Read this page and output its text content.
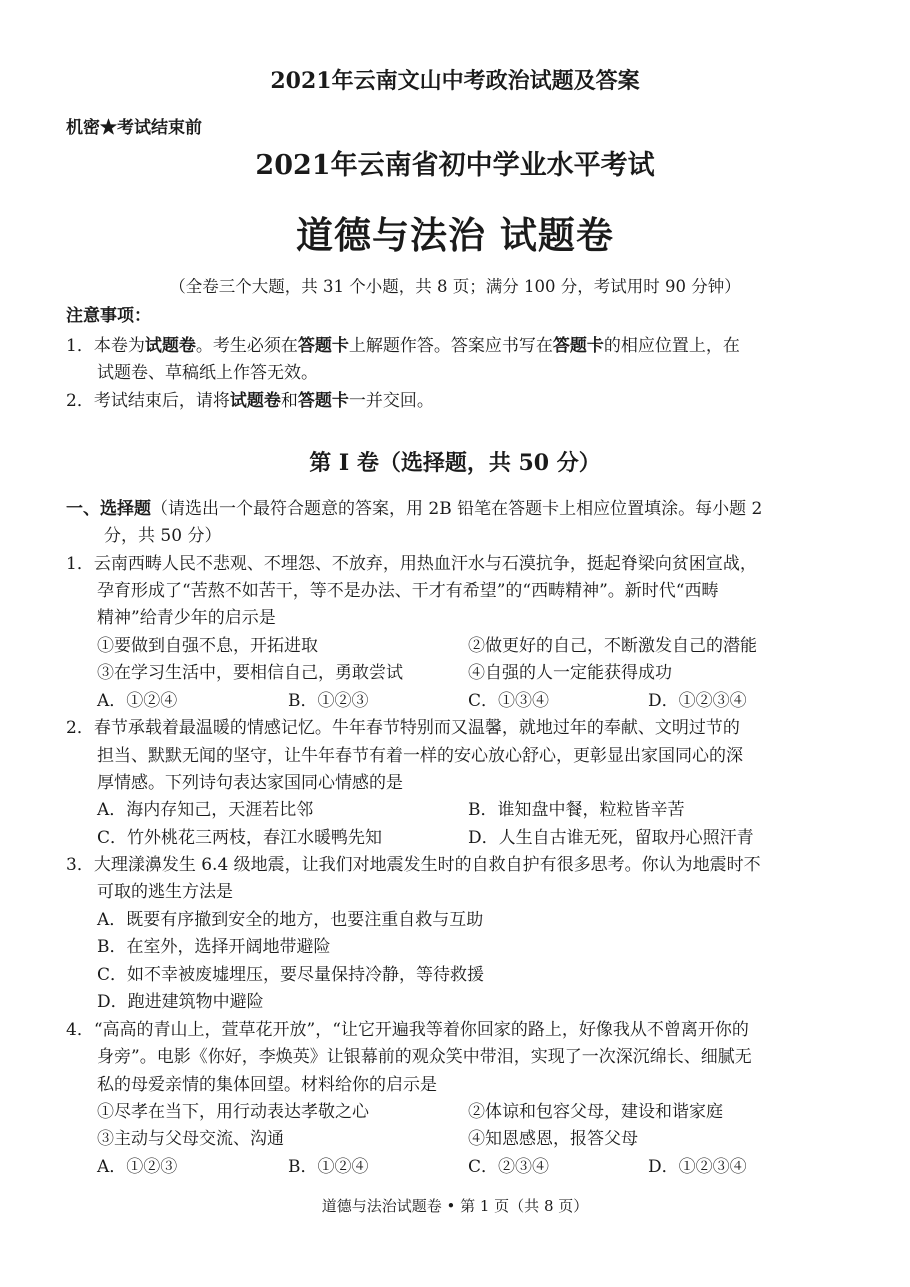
2021年云南文山中考政治试题及答案
机密★考试结束前
2021年云南省初中学业水平考试
道德与法治 试题卷
（全卷三个大题，共 31 个小题，共 8 页；满分 100 分，考试用时 90 分钟）
注意事项：
1．本卷为试题卷。考生必须在答题卡上解题作答。答案应书写在答题卡的相应位置上，在
试题卷、草稿纸上作答无效。
2．考试结束后，请将试题卷和答题卡一并交回。
第 I 卷（选择题，共 50 分）
一、选择题（请选出一个最符合题意的答案，用 2B 铅笔在答题卡上相应位置填涂。每小题 2
分，共 50 分）
1．云南西畴人民不悲观、不埋怨、不放弃，用热血汗水与石漠抗争，挺起脊梁向贫困宣战，
孕育形成了“苦熬不如苦干，等不是办法、干才有希望”的“西畴精神”。新时代“西畴
精神”给青少年的启示是
①要做到自强不息，开拓进取	②做更好的自己，不断激发自己的潜能
③在学习生活中，要相信自己，勇敢尝试	④自强的人一定能获得成功
A．①②④	B．①②③	C．①③④	D．①②③④
2．春节承载着最温暖的情感记忆。牛年春节特别而又温馨，就地过年的奉献、文明过节的
担当、默默无闻的坚守，让牛年春节有着一样的安心放心舒心，更彰显出家国同心的深
厚情感。下列诗句表达家国同心情感的是
A．海内存知己，天涯若比邻	B．谁知盘中餐，粒粒皆辛苦
C．竹外桃花三两枝，春江水暖鸭先知	D．人生自古谁无死，留取丹心照汗青
3．大理漾濞发生 6.4 级地震，让我们对地震发生时的自救自护有很多思考。你认为地震时不
可取的逃生方法是
A．既要有序撤到安全的地方，也要注重自救与互助
B．在室外，选择开阔地带避险
C．如不幸被废墟埋压，要尽量保持冷静，等待救援
D．跑进建筑物中避险
4．“高高的青山上，萱草花开放”，“让它开遍我等着你回家的路上，好像我从不曾离开你的
身旁”。电影《你好，李焕英》让银幕前的观众笑中带泪，实现了一次深沉绵长、细腻无
私的母爱亲情的集体回望。材料给你的启示是
①尽孝在当下，用行动表达孝敬之心	②体谅和包容父母，建设和谐家庭
③主动与父母交流、沟通	④知恩感恩，报答父母
A．①②③	B．①②④	C．②③④	D．①②③④
道德与法治试题卷 • 第 1 页（共 8 页）
